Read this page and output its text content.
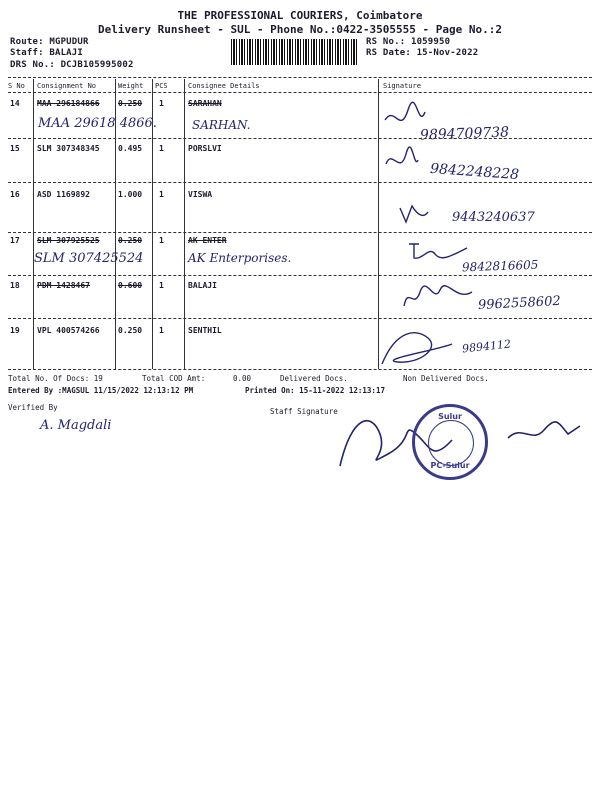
THE PROFESSIONAL COURIERS, Coimbatore
Delivery Runsheet - SUL - Phone No.:0422-3505555 - Page No.:2
Route: MGPUDUR
Staff: BALAJI
DRS No.: DCJB105995002
RS No.: 1059950
RS Date: 15-Nov-2022
S No Consignment No	Weight PCS	Consignee Details	Signature
14 MAA 296184866 0.250 1	SARAHAN
MAA 29618 4866.	SARHAN.	9894709738
15 SLM 307348345 0.495 1	PORSLVI
9842248228
16 ASD 1169892	1.000 1	VISWA
9443240637
17 SLM 307925525 0.250 1	AK ENTER
SLM 307425524	AK Enterporises.	9842816605
18 PDM 1428467	0.600 1	BALAJI
9962558602
19 VPL 400574266 0.250 1	SENTHIL
9894112
Total No. Of Docs: 19	Total COD Amt:	0.00	Delivered Docs.	Non Delivered Docs.
Entered By :MAGSUL 11/15/2022 12:13:12 PM	Printed On: 15-11-2022 12:13:17
Verified By	Staff Signature
A. Magdali
Sulur
PC-Sulur
